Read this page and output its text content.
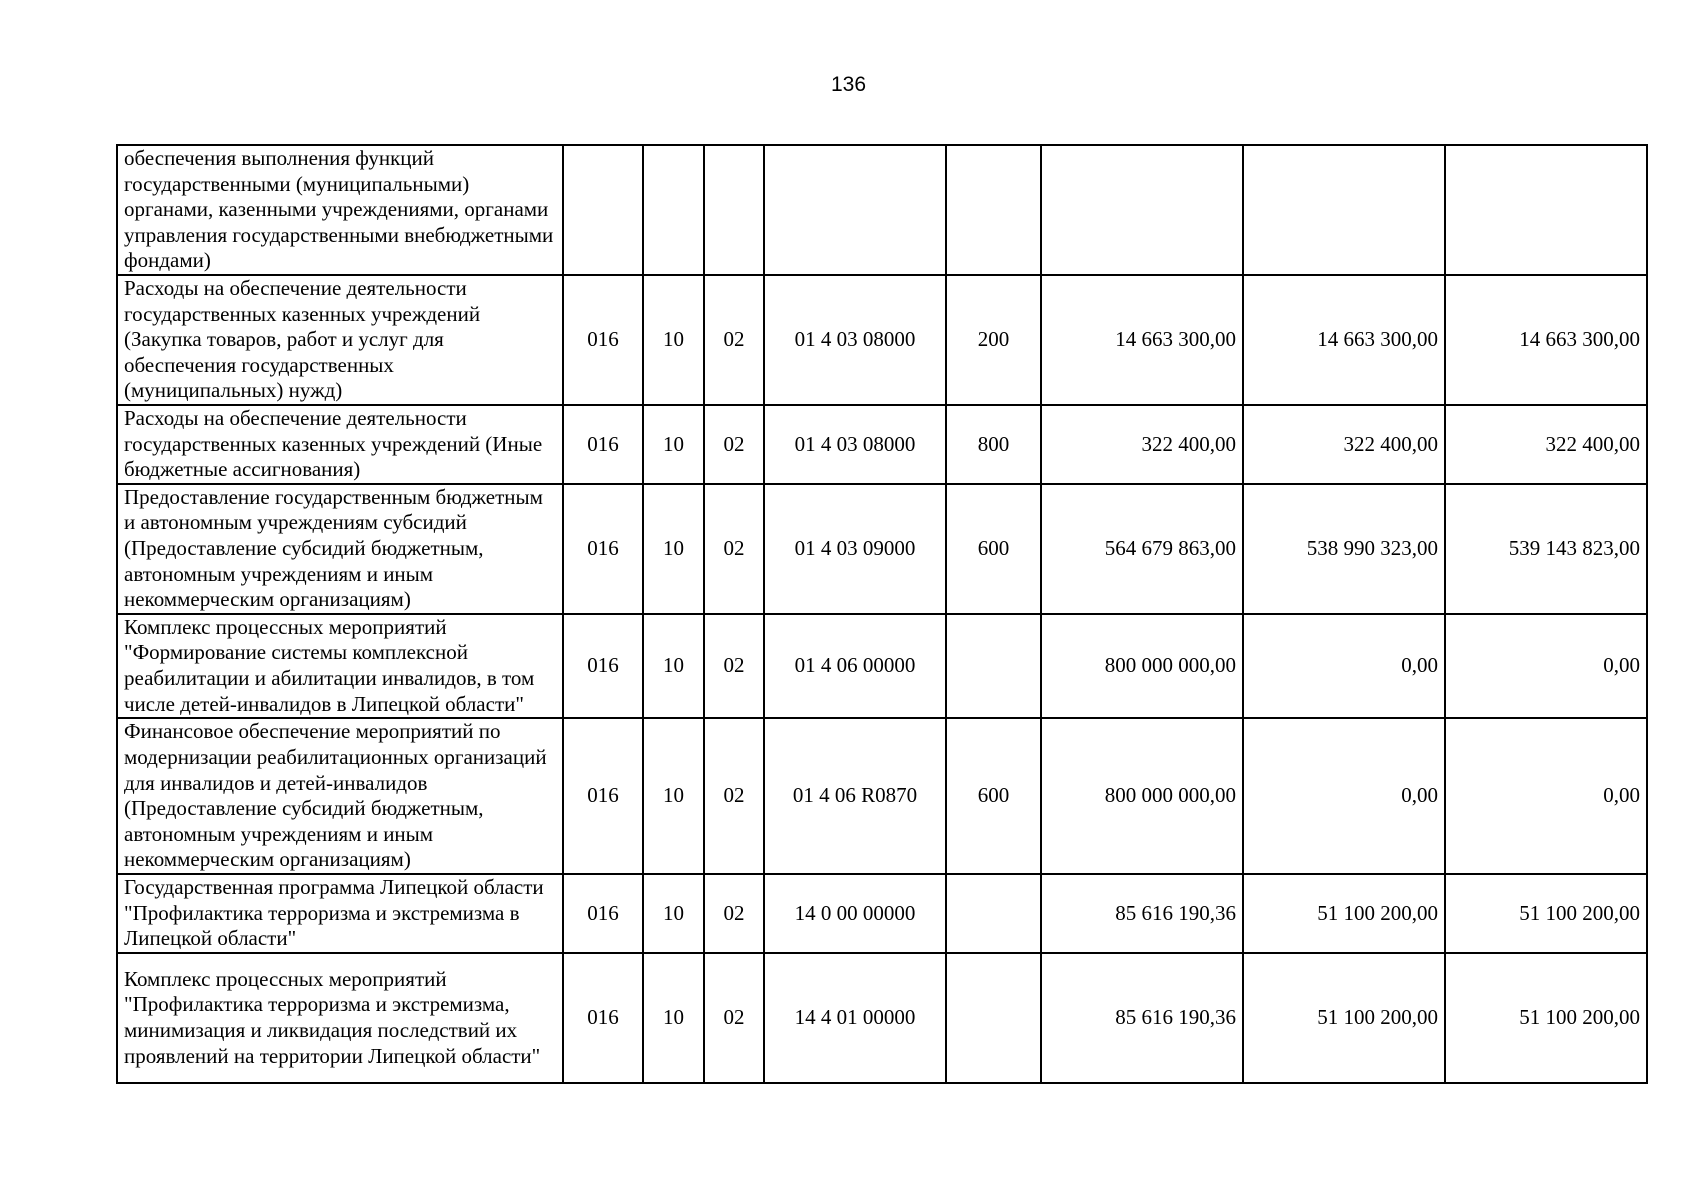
136
обеспечения выполнения функций государственными (муниципальными) органами, казенными учреждениями, органами управления государственными внебюджетными фондами)								
Расходы на обеспечение деятельности государственных казенных учреждений (Закупка товаров, работ и услуг для обеспечения государственных (муниципальных) нужд)	016	10	02	01 4 03 08000	200	14 663 300,00	14 663 300,00	14 663 300,00
Расходы на обеспечение деятельности государственных казенных учреждений (Иные бюджетные ассигнования)	016	10	02	01 4 03 08000	800	322 400,00	322 400,00	322 400,00
Предоставление государственным бюджетным и автономным учреждениям субсидий (Предоставление субсидий бюджетным, автономным учреждениям и иным некоммерческим организациям)	016	10	02	01 4 03 09000	600	564 679 863,00	538 990 323,00	539 143 823,00
Комплекс процессных мероприятий "Формирование системы комплексной реабилитации и абилитации инвалидов, в том числе детей-инвалидов в Липецкой области"	016	10	02	01 4 06 00000		800 000 000,00	0,00	0,00
Финансовое обеспечение мероприятий по модернизации реабилитационных организаций для инвалидов и детей-инвалидов (Предоставление субсидий бюджетным, автономным учреждениям и иным некоммерческим организациям)	016	10	02	01 4 06 R0870	600	800 000 000,00	0,00	0,00
Государственная программа Липецкой области "Профилактика терроризма и экстремизма в Липецкой области"	016	10	02	14 0 00 00000		85 616 190,36	51 100 200,00	51 100 200,00
Комплекс процессных мероприятий "Профилактика терроризма и экстремизма, минимизация и ликвидация последствий их проявлений на территории Липецкой области"	016	10	02	14 4 01 00000		85 616 190,36	51 100 200,00	51 100 200,00
